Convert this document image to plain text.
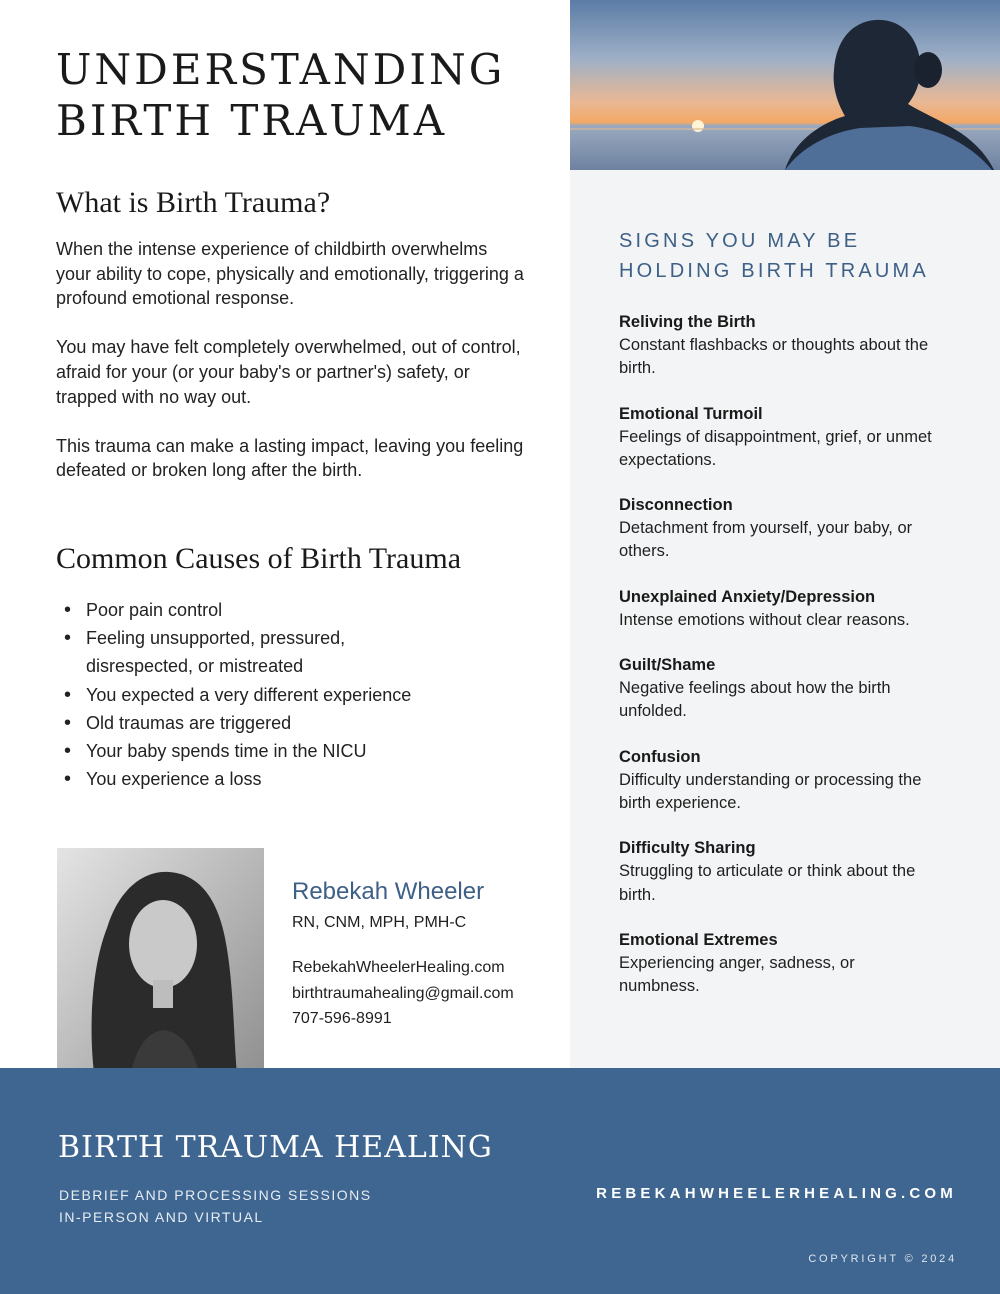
UNDERSTANDING
BIRTH TRAUMA
What is Birth Trauma?

When the intense experience of childbirth overwhelms your ability to cope, physically and emotionally, triggering a profound emotional response.

You may have felt completely overwhelmed, out of control, afraid for your (or your baby's or partner's) safety, or trapped with no way out.

This trauma can make a lasting impact, leaving you feeling defeated or broken long after the birth.

Common Causes of Birth Trauma
• Poor pain control
• Feeling unsupported, pressured, disrespected, or mistreated
• You expected a very different experience
• Old traumas are triggered
• Your baby spends time in the NICU
• You experience a loss
SIGNS YOU MAY BE
HOLDING BIRTH TRAUMA
Reliving the Birth
Constant flashbacks or thoughts about the birth.
Emotional Turmoil
Feelings of disappointment, grief, or unmet expectations.
Disconnection
Detachment from yourself, your baby, or others.
Unexplained Anxiety/Depression
Intense emotions without clear reasons.
Guilt/Shame
Negative feelings about how the birth unfolded.
Confusion
Difficulty understanding or processing the birth experience.
Difficulty Sharing
Struggling to articulate or think about the birth.
Emotional Extremes
Experiencing anger, sadness, or numbness.
Rebekah Wheeler
RN, CNM, MPH, PMH-C
RebekahWheelerHealing.com
birthtraumahealing@gmail.com
707-596-8991
BIRTH TRAUMA HEALING
DEBRIEF AND PROCESSING SESSIONS
IN-PERSON AND VIRTUAL
REBEKAHWHEELERHEALING.COM
COPYRIGHT © 2024
